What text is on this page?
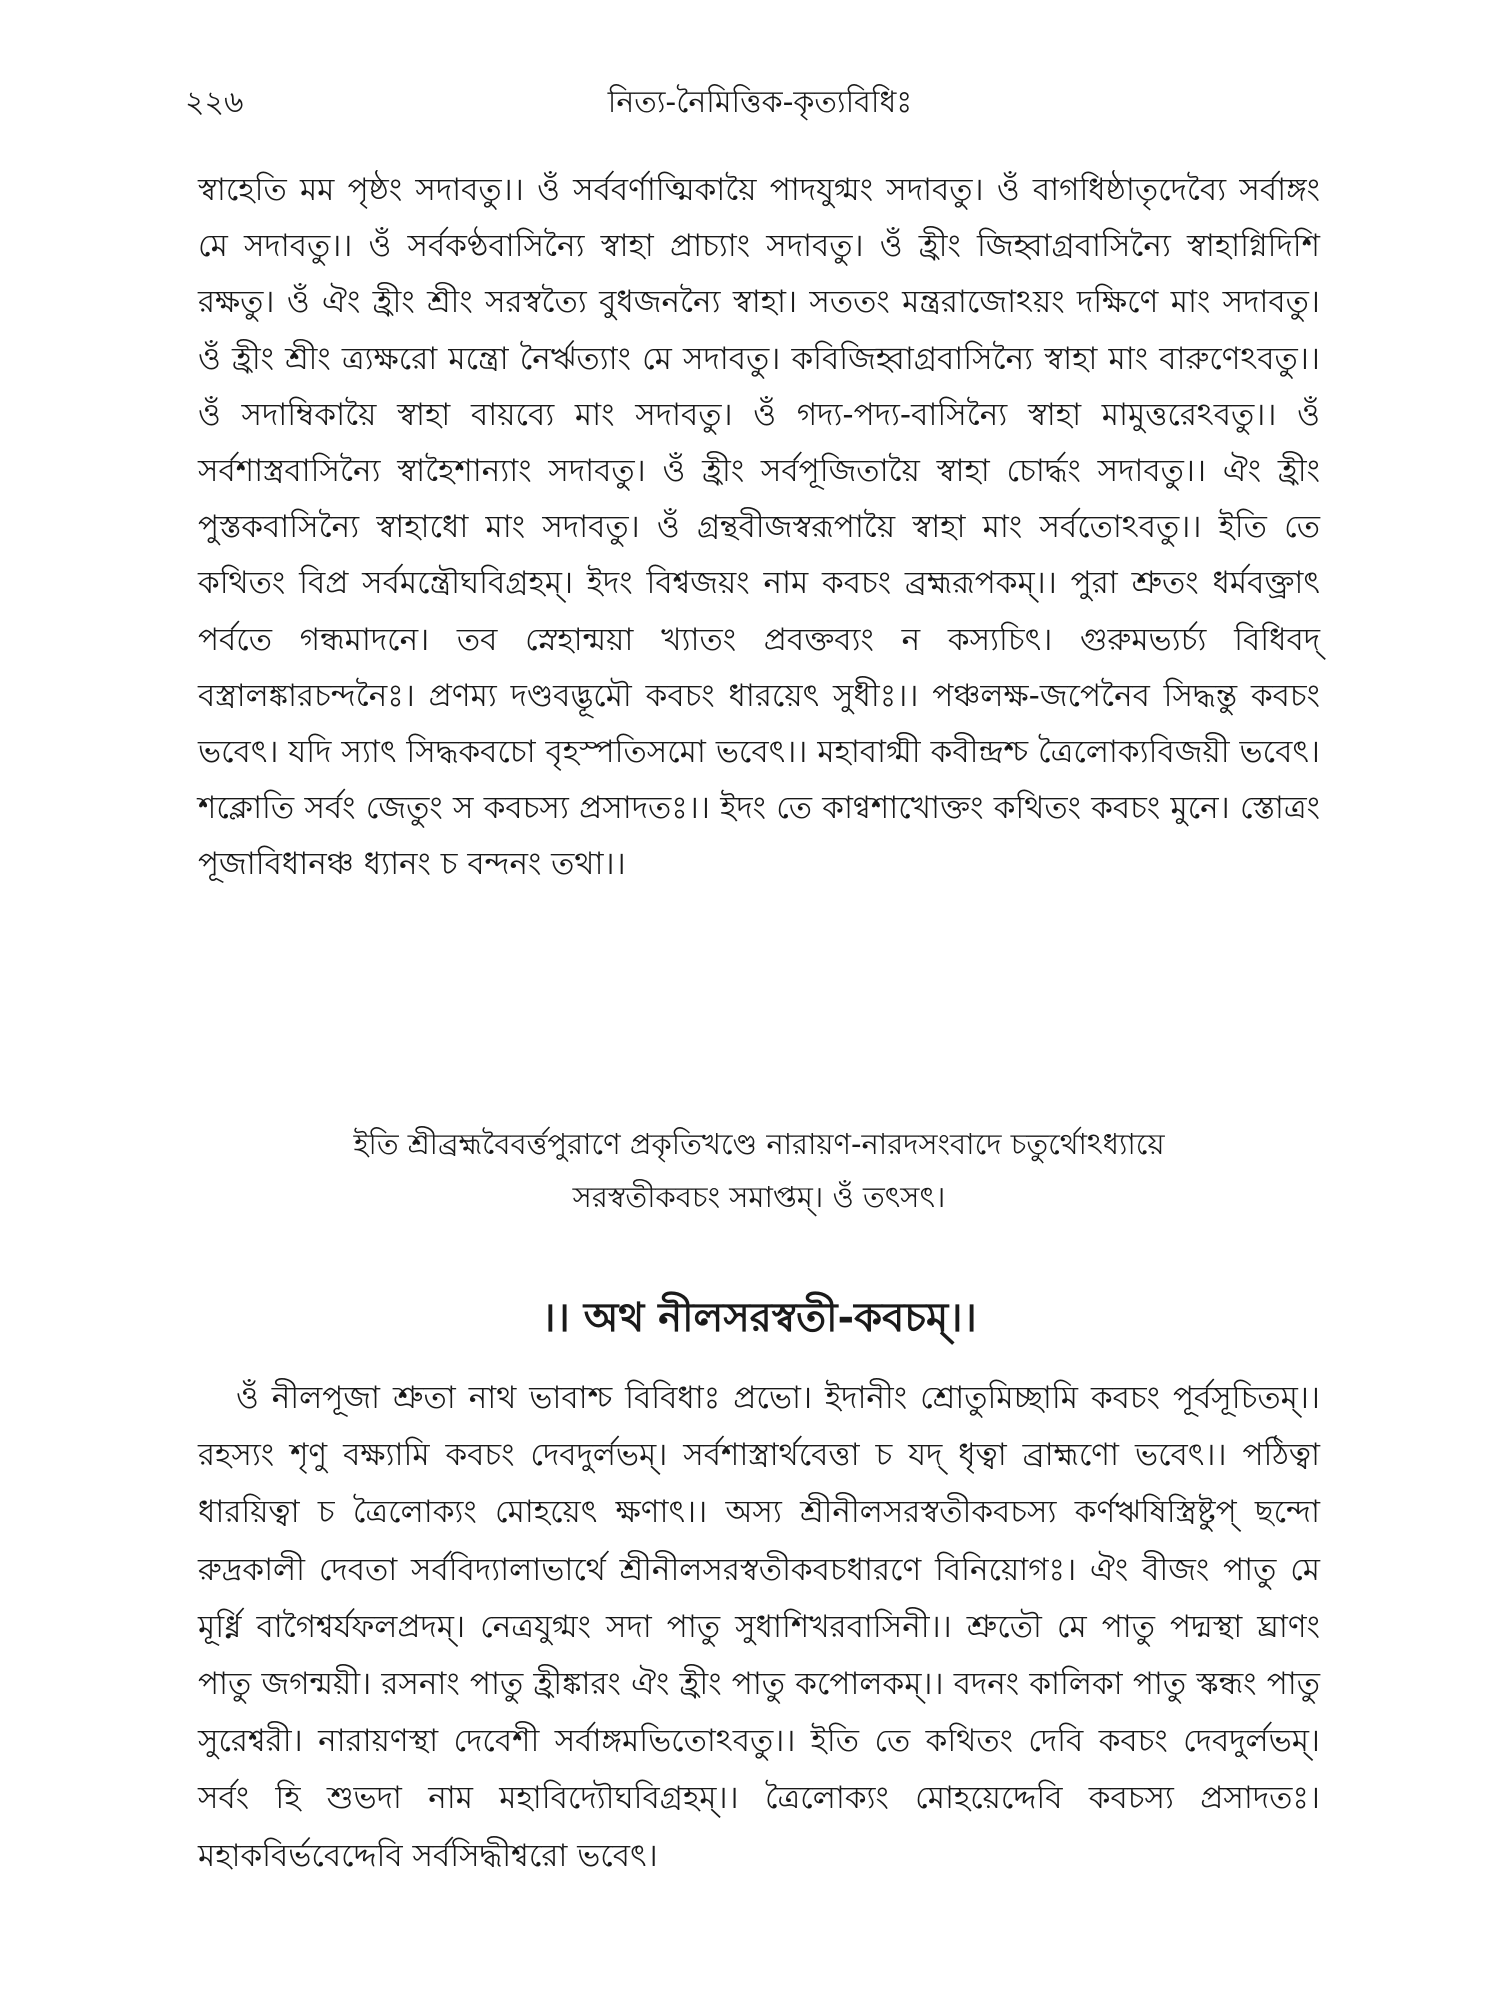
২২৬	নিত্য-নৈমিত্তিক-কৃত্যবিধিঃ

স্বাহেতি মম পৃষ্ঠং সদাবতু।। ওঁ সর্ববর্ণাত্মিকায়ৈ পাদযুগ্মং সদাবতু। ওঁ বাগধিষ্ঠাতৃদেব্যৈ সর্বাঙ্গং মে সদাবতু।। ওঁ সর্বকণ্ঠবাসিন্যৈ স্বাহা প্রাচ্যাং সদাবতু। ওঁ হ্রীং জিহ্বাগ্রবাসিন্যৈ স্বাহাগ্নিদিশি রক্ষতু। ওঁ ঐং হ্রীং শ্রীং সরস্বত্যৈ বুধজনন্যৈ স্বাহা। সততং মন্ত্ররাজোঽয়ং দক্ষিণে মাং সদাবতু। ওঁ হ্রীং শ্রীং ত্র্যক্ষরো মন্ত্রো নৈর্ঋত্যাং মে সদাবতু। কবিজিহ্বাগ্রবাসিন্যৈ স্বাহা মাং বারুণেঽবতু।। ওঁ সদাম্বিকায়ৈ স্বাহা বায়ব্যে মাং সদাবতু। ওঁ গদ্য-পদ্য-বাসিন্যৈ স্বাহা মামুত্তরেঽবতু।। ওঁ সর্বশাস্ত্রবাসিন্যৈ স্বাহৈশান্যাং সদাবতু। ওঁ হ্রীং সর্বপূজিতায়ৈ স্বাহা চোর্দ্ধং সদাবতু।। ঐং হ্রীং পুস্তকবাসিন্যৈ স্বাহাধো মাং সদাবতু। ওঁ গ্রন্থবীজস্বরূপায়ৈ স্বাহা মাং সর্বতোঽবতু।। ইতি তে কথিতং বিপ্র সর্বমন্ত্রৌঘবিগ্রহম্। ইদং বিশ্বজয়ং নাম কবচং ব্রহ্মরূপকম্।। পুরা শ্রুতং ধর্মবক্ত্রাৎ পর্বতে গন্ধমাদনে। তব স্নেহান্ময়া খ্যাতং প্রবক্তব্যং ন কস্যচিৎ। গুরুমভ্যর্চ্য বিধিবদ্ বস্ত্রালঙ্কারচন্দনৈঃ। প্রণম্য দণ্ডবদ্ভূমৌ কবচং ধারয়েৎ সুধীঃ।। পঞ্চলক্ষ-জপেনৈব সিদ্ধন্তু কবচং ভবেৎ। যদি স্যাৎ সিদ্ধকবচো বৃহস্পতিসমো ভবেৎ।। মহাবাগ্মী কবীন্দ্রশ্চ ত্রৈলোক্যবিজয়ী ভবেৎ। শক্লোতি সর্বং জেতুং স কবচস্য প্রসাদতঃ।। ইদং তে কাণ্বশাখোক্তং কথিতং কবচং মুনে। স্তোত্রং পূজাবিধানঞ্চ ধ্যানং চ বন্দনং তথা।।

ইতি শ্রীব্রহ্মবৈবর্ত্তপুরাণে প্রকৃতিখণ্ডে নারায়ণ-নারদসংবাদে চতুর্থোঽধ্যায়ে

সরস্বতীকবচং সমাপ্তম্। ওঁ তৎসৎ।

।। অথ নীলসরস্বতী-কবচম্।।

ওঁ নীলপূজা শ্রুতা নাথ ভাবাশ্চ বিবিধাঃ প্রভো। ইদানীং শ্রোতুমিচ্ছামি কবচং পূর্বসূচিতম্।। রহস্যং শৃণু বক্ষ্যামি কবচং দেবদুর্লভম্। সর্বশাস্ত্রার্থবেত্তা চ যদ্ ধৃত্বা ব্রাহ্মণো ভবেৎ।। পঠিত্বা ধারয়িত্বা চ ত্রৈলোক্যং মোহয়েৎ ক্ষণাৎ।। অস্য শ্রীনীলসরস্বতীকবচস্য কর্ণঋষিস্ত্রিষ্টুপ্ ছন্দো রুদ্রকালী দেবতা সর্ববিদ্যালাভার্থে শ্রীনীলসরস্বতীকবচধারণে বিনিয়োগঃ। ঐং বীজং পাতু মে মূর্ধ্নি বাগৈশ্বর্যফলপ্রদম্। নেত্রযুগ্মং সদা পাতু সুধাশিখরবাসিনী।। শ্রুতৌ মে পাতু পদ্মস্থা ঘ্রাণং পাতু জগন্ময়ী। রসনাং পাতু হ্রীঙ্কারং ঐং হ্রীং পাতু কপোলকম্।। বদনং কালিকা পাতু স্কন্ধং পাতু সুরেশ্বরী। নারায়ণস্থা দেবেশী সর্বাঙ্গমভিতোঽবতু।। ইতি তে কথিতং দেবি কবচং দেবদুর্লভম্। সর্বং হি শুভদা নাম মহাবিদ্যৌঘবিগ্রহম্।। ত্রৈলোক্যং মোহয়েদ্দেবি কবচস্য প্রসাদতঃ। মহাকবির্ভবেদ্দেবি সর্বসিদ্ধীশ্বরো ভবেৎ।
